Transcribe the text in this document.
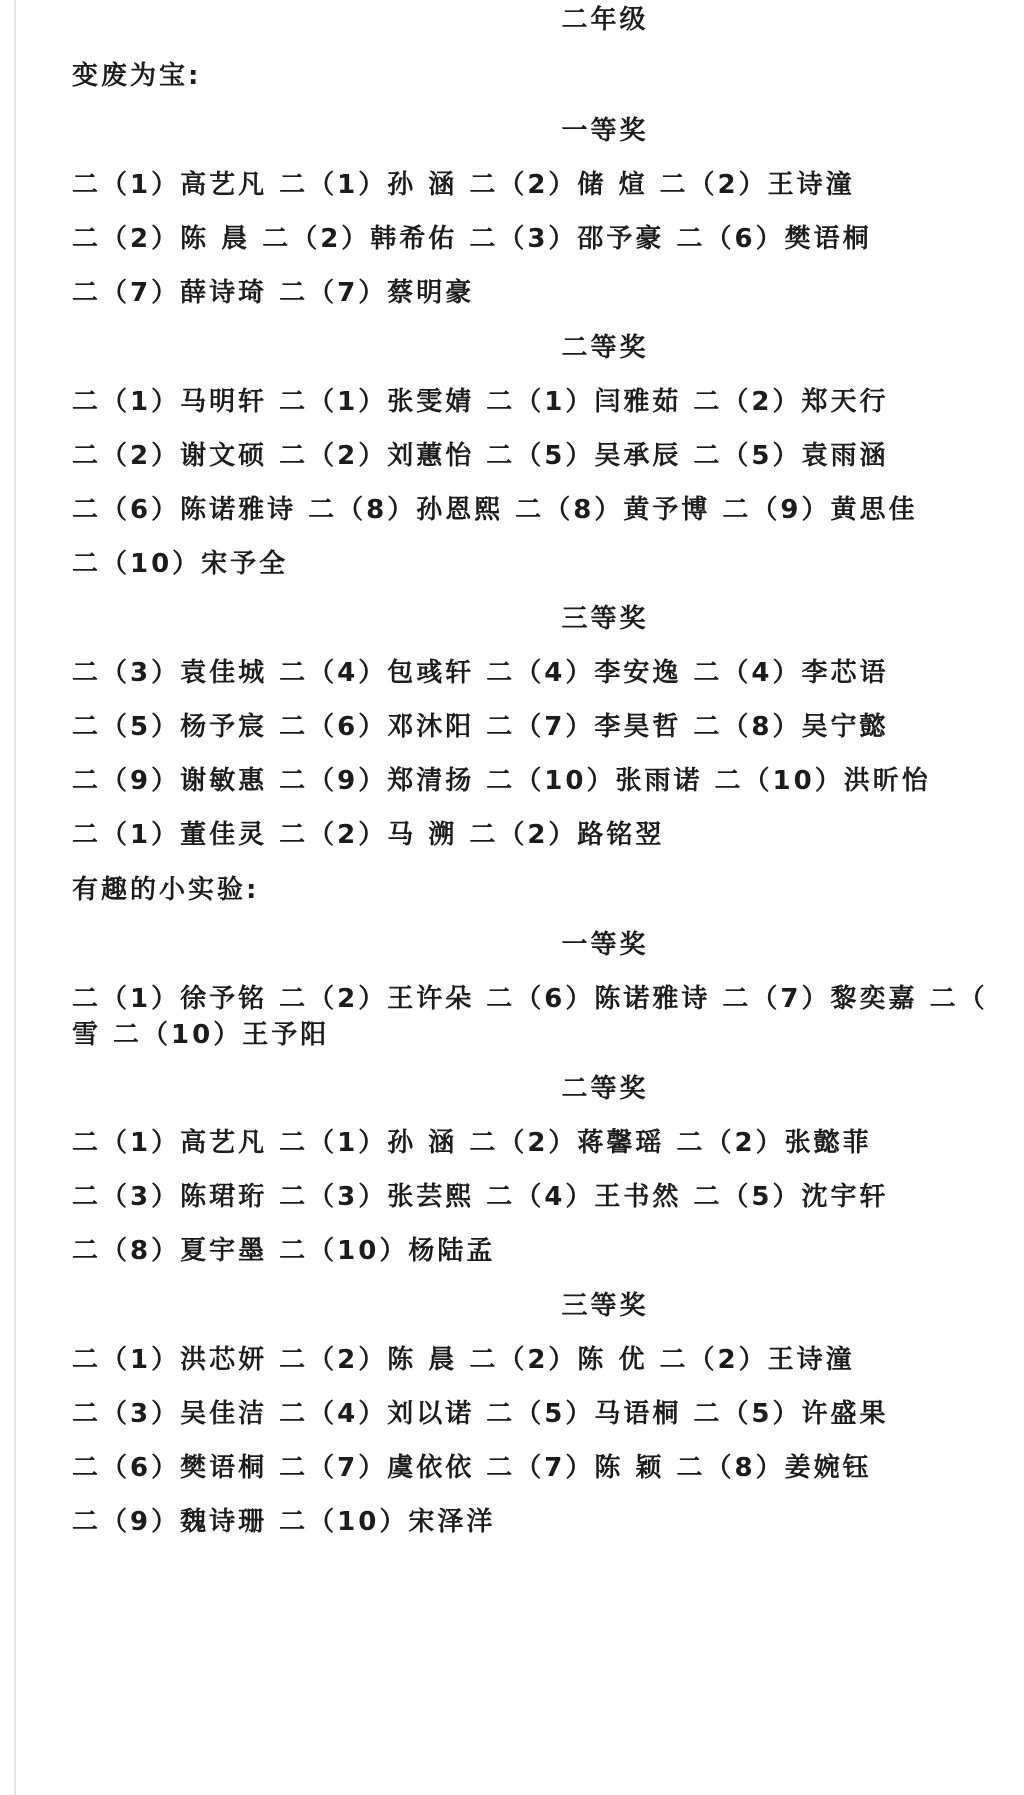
二年级
变废为宝:
一等奖
二（1）高艺凡 二（1）孙 涵 二（2）储 煊 二（2）王诗潼
二（2）陈 晨 二（2）韩希佑 二（3）邵予豪 二（6）樊语桐
二（7）薛诗琦 二（7）蔡明豪
二等奖
二（1）马明轩 二（1）张雯婧 二（1）闫雅茹 二（2）郑天行
二（2）谢文硕 二（2）刘蕙怡 二（5）吴承辰 二（5）袁雨涵
二（6）陈诺雅诗 二（8）孙恩熙 二（8）黄予博 二（9）黄思佳
二（10）宋予全
三等奖
二（3）袁佳城 二（4）包彧轩 二（4）李安逸 二（4）李芯语
二（5）杨予宸 二（6）邓沐阳 二（7）李昊哲 二（8）吴宁懿
二（9）谢敏惠 二（9）郑清扬 二（10）张雨诺 二（10）洪昕怡
二（1）董佳灵 二（2）马 溯 二（2）路铭翌
有趣的小实验:
一等奖
二（1）徐予铭 二（2）王许朵 二（6）陈诺雅诗 二（7）黎奕嘉 二（
雪 二（10）王予阳
二等奖
二（1）高艺凡 二（1）孙 涵 二（2）蒋馨瑶 二（2）张懿菲
二（3）陈珺珩 二（3）张芸熙 二（4）王书然 二（5）沈宇轩
二（8）夏宇墨 二（10）杨陆孟
三等奖
二（1）洪芯妍 二（2）陈 晨 二（2）陈 优 二（2）王诗潼
二（3）吴佳洁 二（4）刘以诺 二（5）马语桐 二（5）许盛果
二（6）樊语桐 二（7）虞依依 二（7）陈 颖 二（8）姜婉钰
二（9）魏诗珊 二（10）宋泽洋
